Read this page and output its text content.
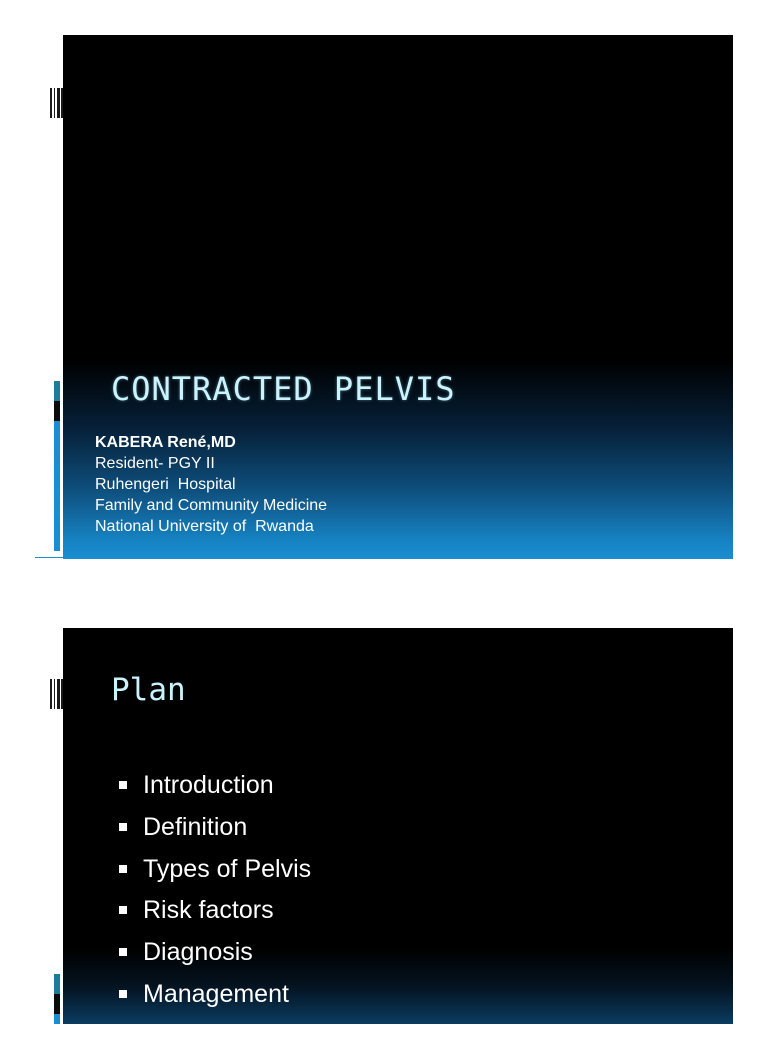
CONTRACTED PELVIS
KABERA René,MD
Resident- PGY II
Ruhengeri  Hospital
Family and Community Medicine
National University of  Rwanda
Plan
Introduction
Definition
Types of Pelvis
Risk factors
Diagnosis
Management
References
